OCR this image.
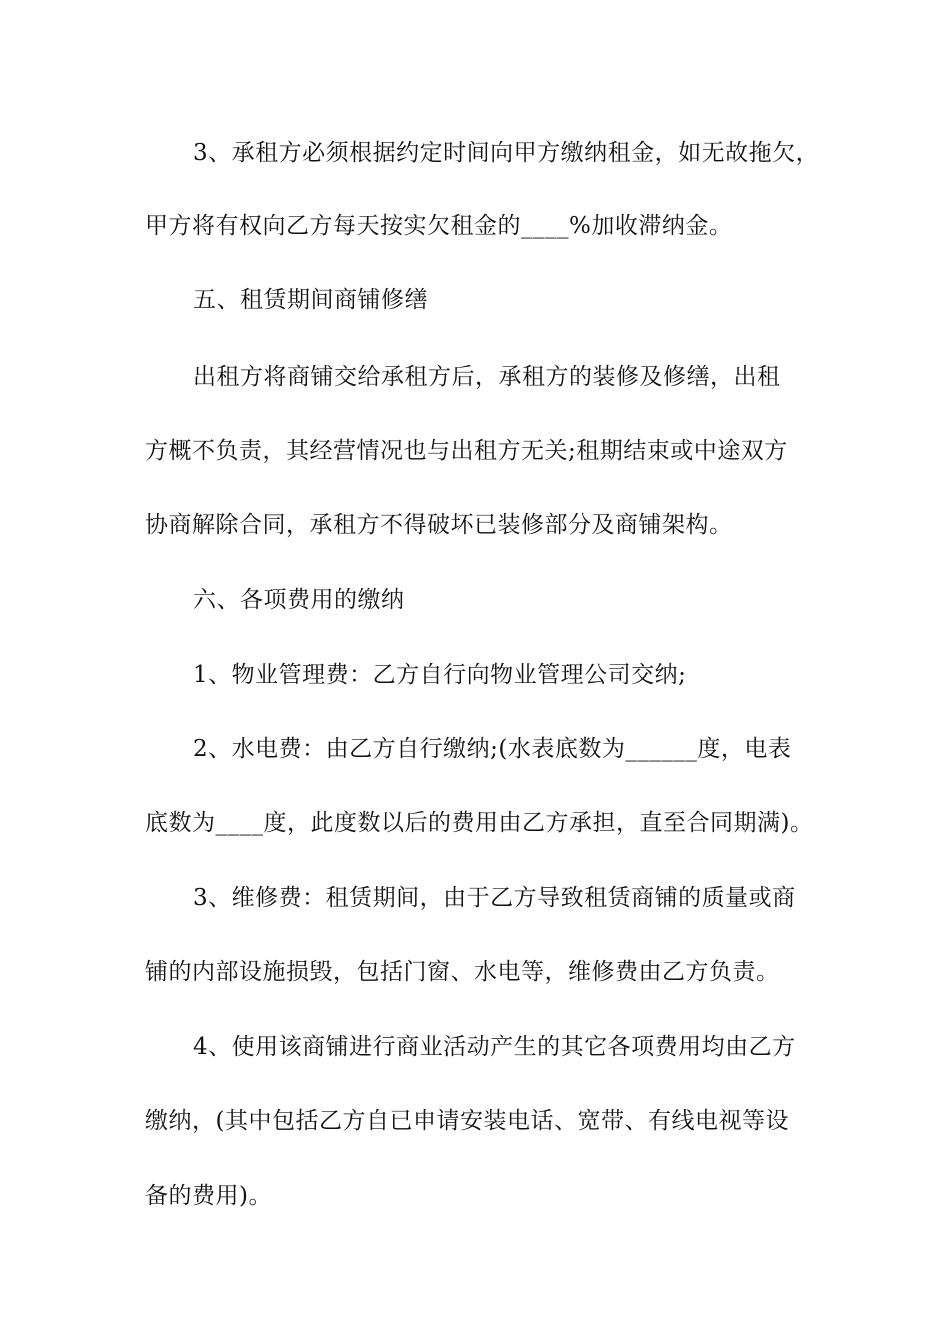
3、承租方必须根据约定时间向甲方缴纳租金，如无故拖欠，
甲方将有权向乙方每天按实欠租金的____%加收滞纳金。
五、租赁期间商铺修缮
出租方将商铺交给承租方后，承租方的装修及修缮，出租
方概不负责，其经营情况也与出租方无关;租期结束或中途双方
协商解除合同，承租方不得破坏已装修部分及商铺架构。
六、各项费用的缴纳
1、物业管理费：乙方自行向物业管理公司交纳;
2、水电费：由乙方自行缴纳;(水表底数为______度，电表
底数为____度，此度数以后的费用由乙方承担，直至合同期满)。
3、维修费：租赁期间，由于乙方导致租赁商铺的质量或商
铺的内部设施损毁，包括门窗、水电等，维修费由乙方负责。
4、使用该商铺进行商业活动产生的其它各项费用均由乙方
缴纳，(其中包括乙方自已申请安装电话、宽带、有线电视等设
备的费用)。
